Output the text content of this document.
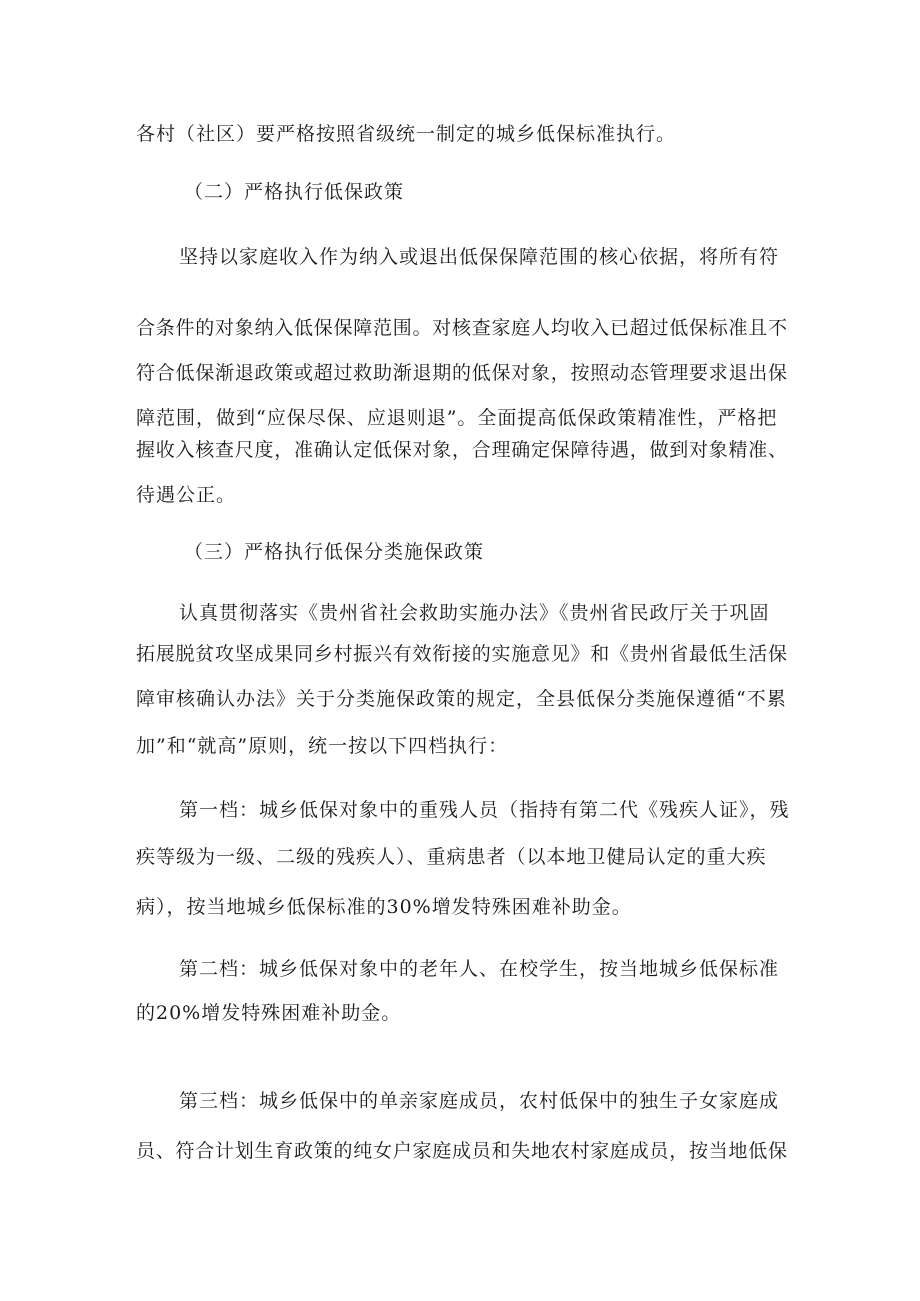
各村（社区）要严格按照省级统一制定的城乡低保标准执行。

（二）严格执行低保政策

坚持以家庭收入作为纳入或退出低保保障范围的核心依据，将所有符

合条件的对象纳入低保保障范围。对核查家庭人均收入已超过低保标准且不

符合低保渐退政策或超过救助渐退期的低保对象，按照动态管理要求退出保

障范围，做到“应保尽保、应退则退”。全面提高低保政策精准性，严格把

握收入核查尺度，准确认定低保对象，合理确定保障待遇，做到对象精准、

待遇公正。

（三）严格执行低保分类施保政策

认真贯彻落实《贵州省社会救助实施办法》《贵州省民政厅关于巩固

拓展脱贫攻坚成果同乡村振兴有效衔接的实施意见》和《贵州省最低生活保

障审核确认办法》关于分类施保政策的规定，全县低保分类施保遵循“不累

加”和“就高”原则，统一按以下四档执行：

第一档：城乡低保对象中的重残人员（指持有第二代《残疾人证》，残

疾等级为一级、二级的残疾人）、重病患者（以本地卫健局认定的重大疾

病），按当地城乡低保标准的30%增发特殊困难补助金。

第二档：城乡低保对象中的老年人、在校学生，按当地城乡低保标准

的20%增发特殊困难补助金。

第三档：城乡低保中的单亲家庭成员，农村低保中的独生子女家庭成

员、符合计划生育政策的纯女户家庭成员和失地农村家庭成员，按当地低保
